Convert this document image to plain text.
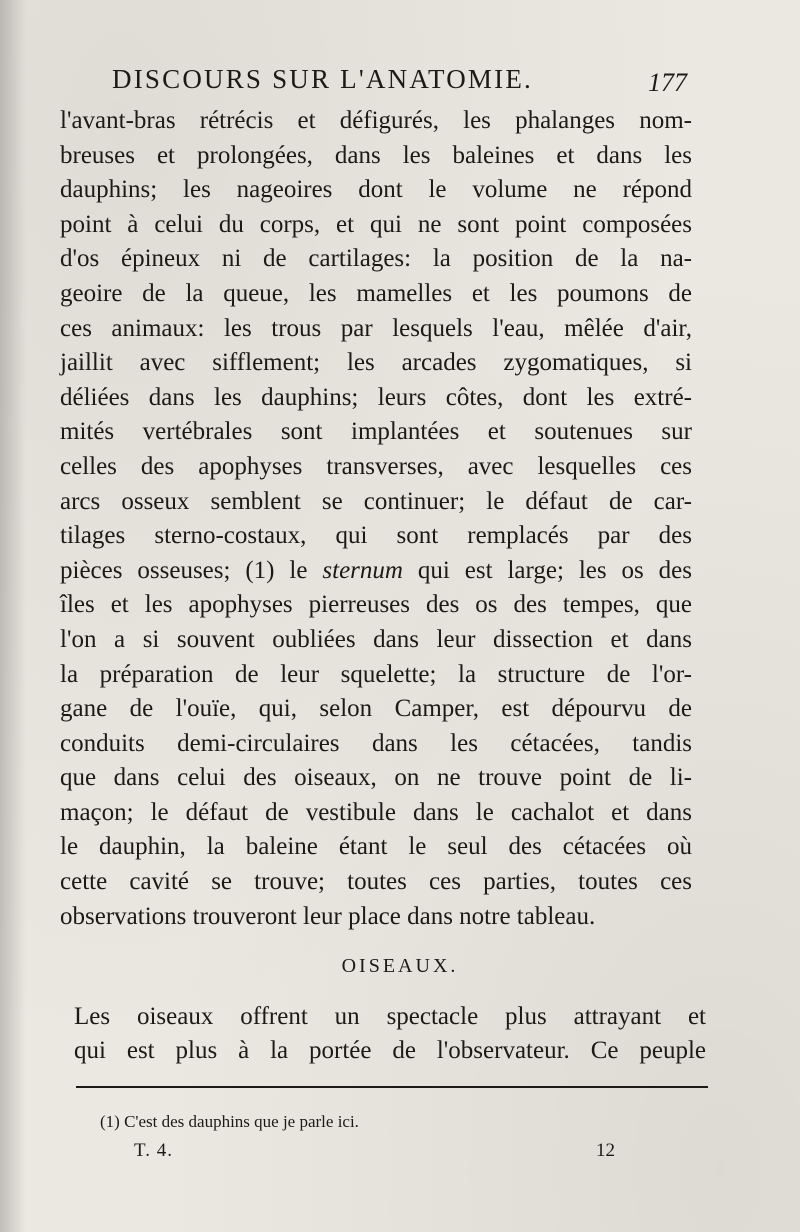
DISCOURS SUR L'ANATOMIE.	177
l'avant-bras rétrécis et défigurés, les phalanges nom-
breuses et prolongées, dans les baleines et dans les
dauphins; les nageoires dont le volume ne répond
point à celui du corps, et qui ne sont point composées
d'os épineux ni de cartilages: la position de la na-
geoire de la queue, les mamelles et les poumons de
ces animaux: les trous par lesquels l'eau, mêlée d'air,
jaillit avec sifflement; les arcades zygomatiques, si
déliées dans les dauphins; leurs côtes, dont les extré-
mités vertébrales sont implantées et soutenues sur
celles des apophyses transverses, avec lesquelles ces
arcs osseux semblent se continuer; le défaut de car-
tilages sterno-costaux, qui sont remplacés par des
pièces osseuses; (1) le sternum qui est large; les os des
îles et les apophyses pierreuses des os des tempes, que
l'on a si souvent oubliées dans leur dissection et dans
la préparation de leur squelette; la structure de l'or-
gane de l'ouïe, qui, selon Camper, est dépourvu de
conduits demi-circulaires dans les cétacées, tandis
que dans celui des oiseaux, on ne trouve point de li-
maçon; le défaut de vestibule dans le cachalot et dans
le dauphin, la baleine étant le seul des cétacées où
cette cavité se trouve; toutes ces parties, toutes ces
observations trouveront leur place dans notre tableau.
OISEAUX.
Les oiseaux offrent un spectacle plus attrayant et
qui est plus à la portée de l'observateur. Ce peuple
(1) C'est des dauphins que je parle ici.
T. 4.	12
